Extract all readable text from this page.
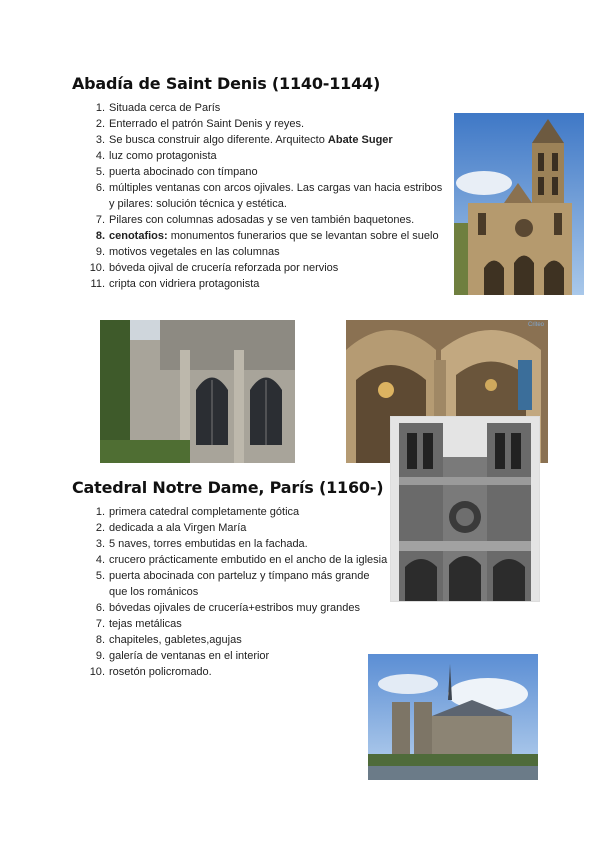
Abadía de Saint Denis (1140-1144)
1 . Situada cerca de París
2 . Enterrado el patrón Saint Denis y reyes.
3 . Se busca construir algo diferente. Arquitecto Abate Suger
4 . luz como protagonista
5 . puerta abocinado con tímpano
6 . múltiples ventanas con arcos ojivales. Las cargas van hacia estribos y pilares: solución técnica y estética.
7 . Pilares con columnas adosadas y se ven también baquetones.
8 . cenotafios: monumentos funerarios que se levantan sobre el suelo
9 . motivos vegetales en las columnas
10 . bóveda ojival de crucería reforzada por nervios
11 . cripta con vidriera protagonista
Catedral Notre Dame, París (1160-)
1 . primera catedral completamente gótica
2 . dedicada a ala Virgen María
3 . 5 naves, torres embutidas en la fachada.
4 . crucero prácticamente embutido en el ancho de la iglesia
5 . puerta abocinada con parteluz y tímpano más grande que los románicos
6 . bóvedas ojivales de crucería+estribos muy grandes
7 . tejas metálicas
8 . chapiteles, gabletes,agujas
9 . galería de ventanas en el interior
10 . rosetón policromado.
Criteo
